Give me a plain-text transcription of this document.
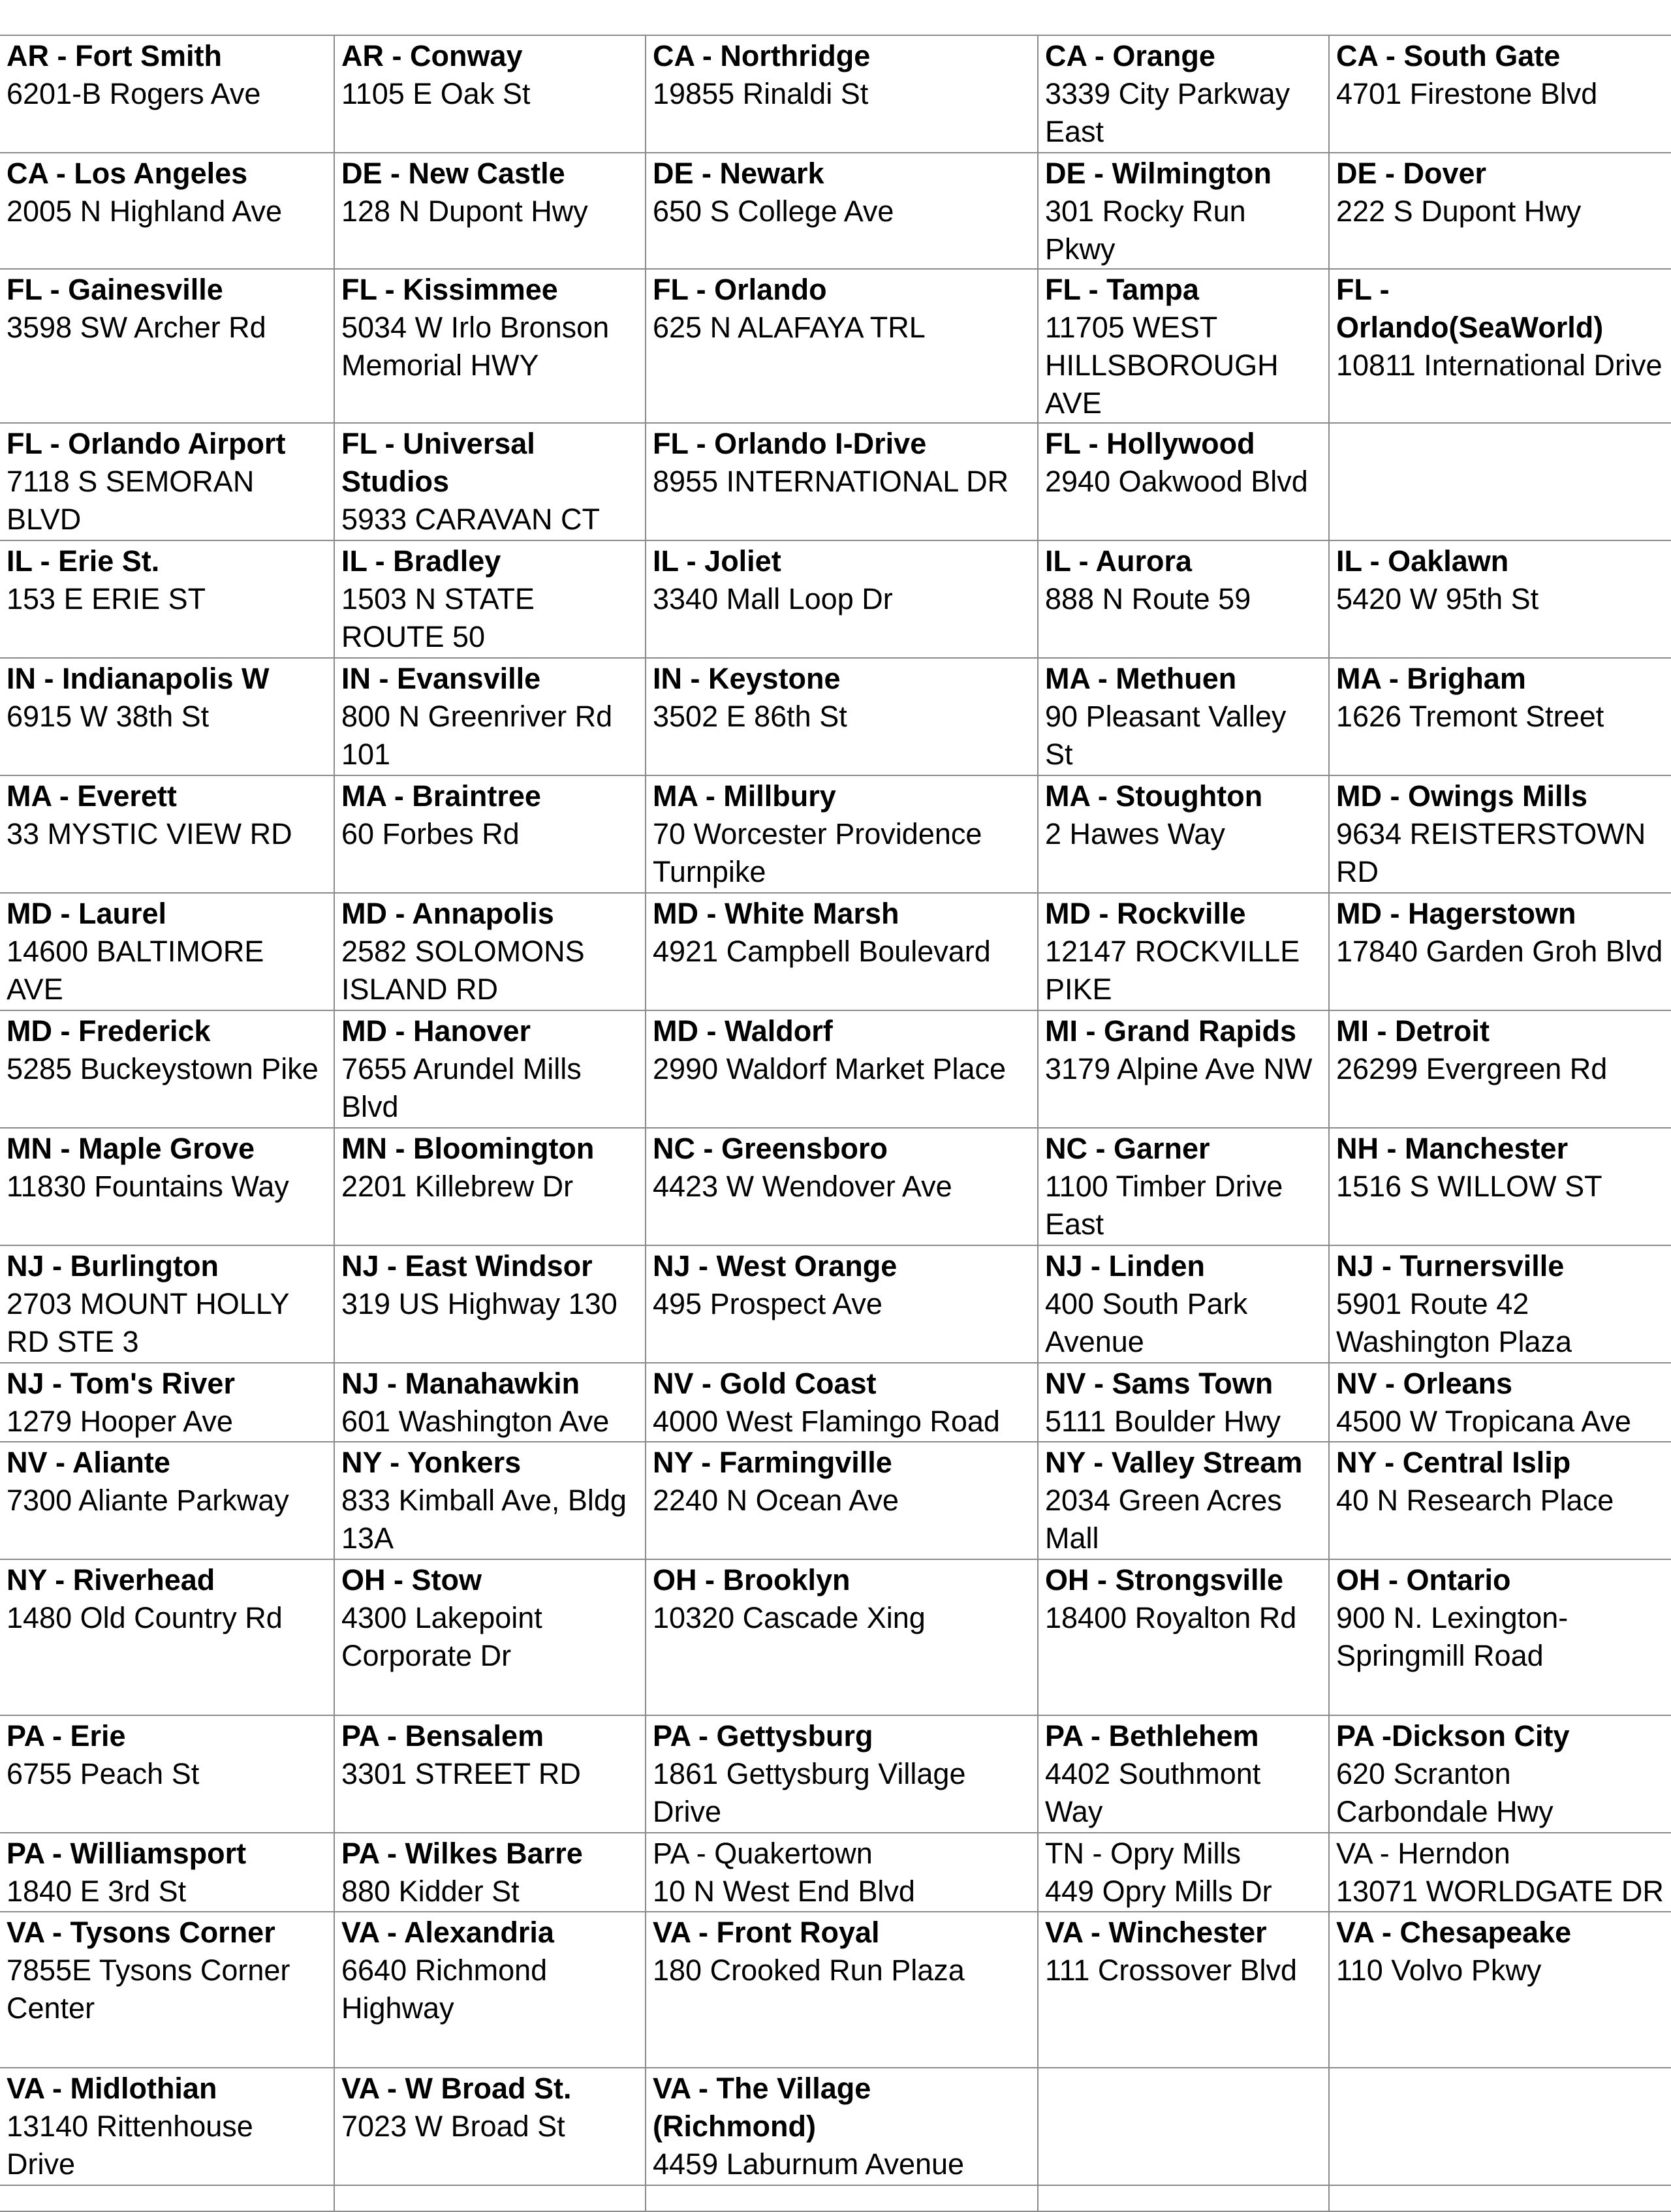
AR - Fort Smith
6201-B Rogers Ave	AR - Conway
1105 E Oak St	CA - Northridge
19855 Rinaldi St	CA - Orange
3339 City Parkway East	CA - South Gate
4701 Firestone Blvd

CA - Los Angeles
2005 N Highland Ave	DE - New Castle
128 N Dupont Hwy	DE - Newark
650 S College Ave	DE - Wilmington
301 Rocky Run Pkwy	DE - Dover
222 S Dupont Hwy

FL - Gainesville
3598 SW Archer Rd	FL - Kissimmee
5034 W Irlo Bronson Memorial HWY	FL - Orlando
625 N ALAFAYA TRL	FL - Tampa
11705 WEST HILLSBOROUGH AVE	FL - Orlando(SeaWorld)
10811 International Drive

FL - Orlando Airport
7118 S SEMORAN BLVD	FL - Universal Studios
5933 CARAVAN CT	FL - Orlando I-Drive
8955 INTERNATIONAL DR	FL - Hollywood
2940 Oakwood Blvd	

IL - Erie St.
153 E ERIE ST	IL - Bradley
1503 N STATE ROUTE 50	IL - Joliet
3340 Mall Loop Dr	IL - Aurora
888 N Route 59	IL - Oaklawn
5420 W 95th St

IN - Indianapolis W
6915 W 38th St	IN - Evansville
800 N Greenriver Rd 101	IN - Keystone
3502 E 86th St	MA - Methuen
90 Pleasant Valley St	MA - Brigham
1626 Tremont Street

MA - Everett
33 MYSTIC VIEW RD	MA - Braintree
60 Forbes Rd	MA - Millbury
70 Worcester Providence Turnpike	MA - Stoughton
2 Hawes Way	MD - Owings Mills
9634 REISTERSTOWN RD

MD - Laurel
14600 BALTIMORE AVE	MD - Annapolis
2582 SOLOMONS ISLAND RD	MD - White Marsh
4921 Campbell Boulevard	MD - Rockville
12147 ROCKVILLE PIKE	MD - Hagerstown
17840 Garden Groh Blvd

MD - Frederick
5285 Buckeystown Pike	MD - Hanover
7655 Arundel Mills Blvd	MD - Waldorf
2990 Waldorf Market Place	MI - Grand Rapids
3179 Alpine Ave NW	MI - Detroit
26299 Evergreen Rd

MN - Maple Grove
11830 Fountains Way	MN - Bloomington
2201 Killebrew Dr	NC - Greensboro
4423 W Wendover Ave	NC - Garner
1100 Timber Drive East	NH - Manchester
1516 S WILLOW ST

NJ - Burlington
2703 MOUNT HOLLY RD STE 3	NJ - East Windsor
319 US Highway 130	NJ - West Orange
495 Prospect Ave	NJ - Linden
400 South Park Avenue	NJ - Turnersville
5901 Route 42 Washington Plaza

NJ - Tom's River
1279 Hooper Ave	NJ - Manahawkin
601 Washington Ave	NV - Gold Coast
4000 West Flamingo Road	NV - Sams Town
5111 Boulder Hwy	NV - Orleans
4500 W Tropicana Ave

NV - Aliante
7300 Aliante Parkway	NY - Yonkers
833 Kimball Ave, Bldg 13A	NY - Farmingville
2240 N Ocean Ave	NY - Valley Stream
2034 Green Acres Mall	NY - Central Islip
40 N Research Place

NY - Riverhead
1480 Old Country Rd	OH - Stow
4300 Lakepoint Corporate Dr	OH - Brooklyn
10320 Cascade Xing	OH - Strongsville
18400 Royalton Rd	OH - Ontario
900 N. Lexington-Springmill Road

PA - Erie
6755 Peach St	PA - Bensalem
3301 STREET RD	PA - Gettysburg
1861 Gettysburg Village Drive	PA - Bethlehem
4402 Southmont Way	PA -Dickson City
620 Scranton Carbondale Hwy

PA - Williamsport
1840 E 3rd St	PA - Wilkes Barre
880 Kidder St	PA - Quakertown
10 N West End Blvd	TN - Opry Mills
449 Opry Mills Dr	VA - Herndon
13071 WORLDGATE DR

VA - Tysons Corner
7855E Tysons Corner Center	VA - Alexandria
6640 Richmond Highway	VA - Front Royal
180 Crooked Run Plaza	VA - Winchester
111 Crossover Blvd	VA - Chesapeake
110 Volvo Pkwy

VA - Midlothian
13140 Rittenhouse Drive	VA - W Broad St.
7023 W Broad St	VA - The Village (Richmond)
4459 Laburnum Avenue		
